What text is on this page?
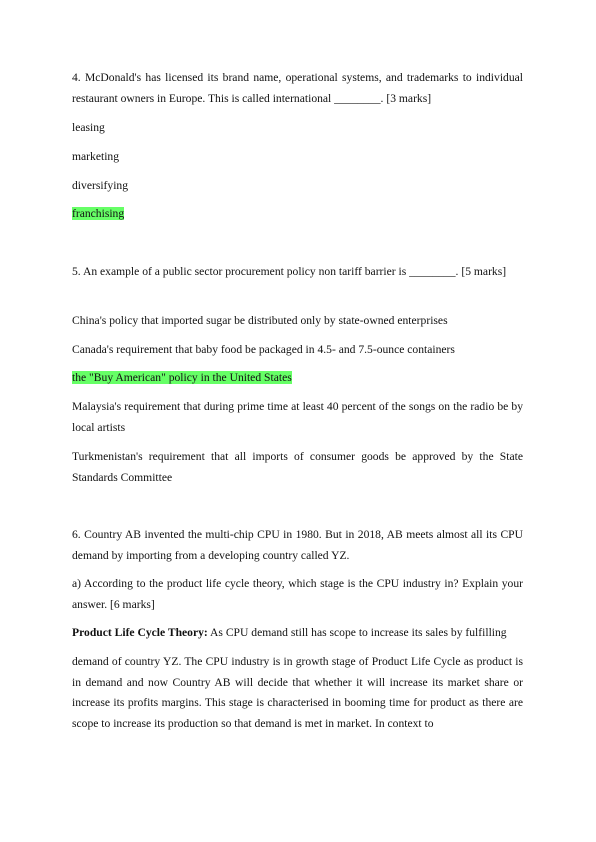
4. McDonald's has licensed its brand name, operational systems, and trademarks to individual restaurant owners in Europe. This is called international ________. [3 marks]

leasing

marketing

diversifying

franchising

5. An example of a public sector procurement policy non tariff barrier is ________. [5 marks]

China's policy that imported sugar be distributed only by state-owned enterprises

Canada's requirement that baby food be packaged in 4.5- and 7.5-ounce containers

the "Buy American" policy in the United States

Malaysia's requirement that during prime time at least 40 percent of the songs on the radio be by local artists

Turkmenistan's requirement that all imports of consumer goods be approved by the State Standards Committee

6. Country AB invented the multi-chip CPU in 1980. But in 2018, AB meets almost all its CPU demand by importing from a developing country called YZ.

a) According to the product life cycle theory, which stage is the CPU industry in? Explain your answer. [6 marks]

Product Life Cycle Theory: As CPU demand still has scope to increase its sales by fulfilling

demand of country YZ. The CPU industry is in growth stage of Product Life Cycle as product is in demand and now Country AB will decide that whether it will increase its market share or increase its profits margins. This stage is characterised in booming time for product as there are scope to increase its production so that demand is met in market. In context to
